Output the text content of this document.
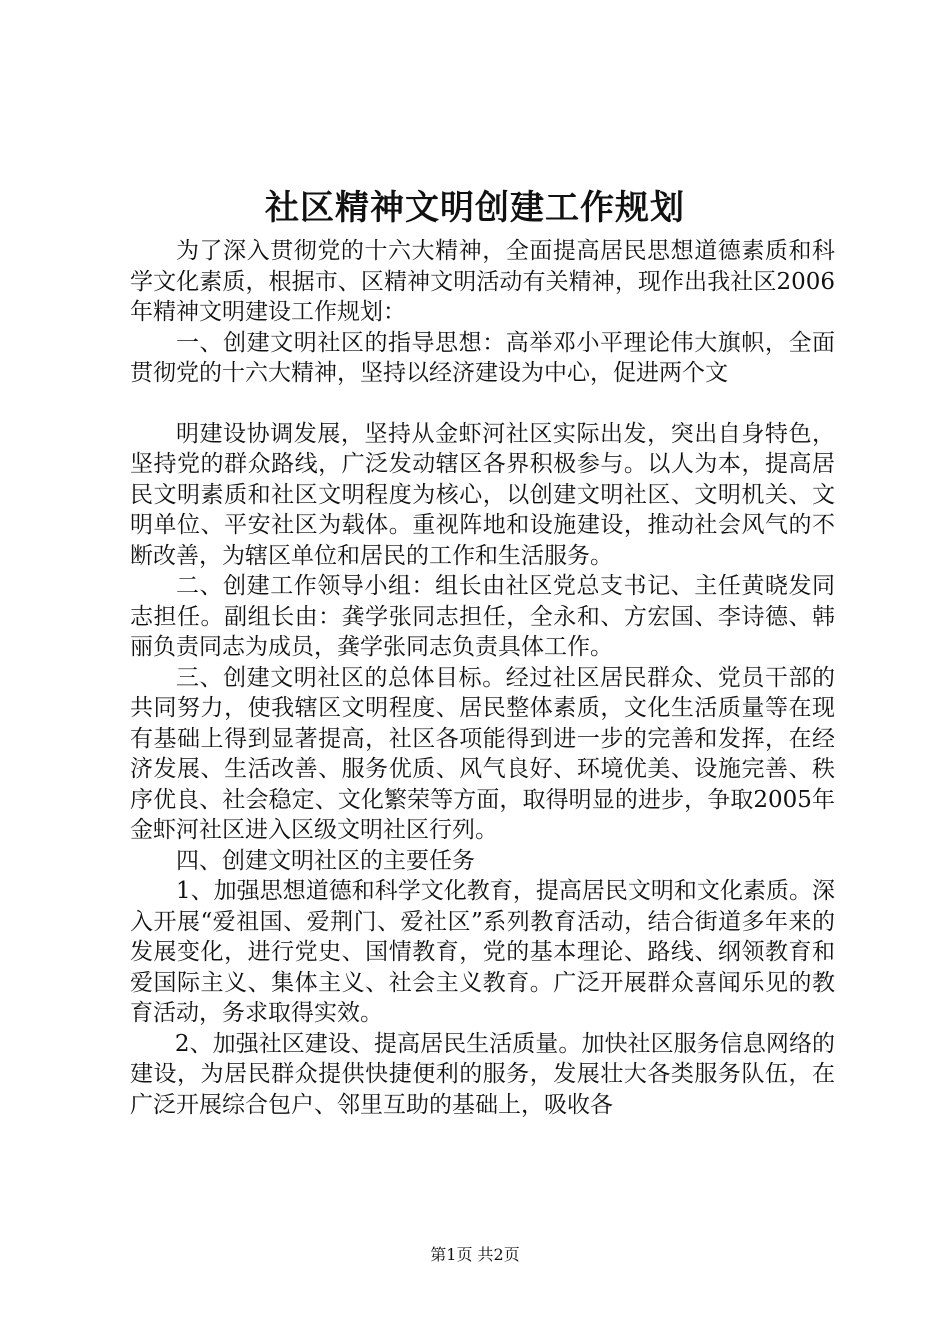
社区精神文明创建工作规划

为了深入贯彻党的十六大精神，全面提高居民思想道德素质和科学文化素质，根据市、区精神文明活动有关精神，现作出我社区2006年精神文明建设工作规划：

一、创建文明社区的指导思想：高举邓小平理论伟大旗帜，全面贯彻党的十六大精神，坚持以经济建设为中心，促进两个文

明建设协调发展，坚持从金虾河社区实际出发，突出自身特色，坚持党的群众路线，广泛发动辖区各界积极参与。以人为本，提高居民文明素质和社区文明程度为核心，以创建文明社区、文明机关、文明单位、平安社区为载体。重视阵地和设施建设，推动社会风气的不断改善，为辖区单位和居民的工作和生活服务。

二、创建工作领导小组：组长由社区党总支书记、主任黄晓发同志担任。副组长由：龚学张同志担任，全永和、方宏国、李诗德、韩丽负责同志为成员，龚学张同志负责具体工作。

三、创建文明社区的总体目标。经过社区居民群众、党员干部的共同努力，使我辖区文明程度、居民整体素质，文化生活质量等在现有基础上得到显著提高，社区各项能得到进一步的完善和发挥，在经济发展、生活改善、服务优质、风气良好、环境优美、设施完善、秩序优良、社会稳定、文化繁荣等方面，取得明显的进步，争取2005年金虾河社区进入区级文明社区行列。

四、创建文明社区的主要任务

1、加强思想道德和科学文化教育，提高居民文明和文化素质。深入开展“爱祖国、爱荆门、爱社区”系列教育活动，结合街道多年来的发展变化，进行党史、国情教育，党的基本理论、路线、纲领教育和爱国际主义、集体主义、社会主义教育。广泛开展群众喜闻乐见的教育活动，务求取得实效。

2、加强社区建设、提高居民生活质量。加快社区服务信息网络的建设，为居民群众提供快捷便利的服务，发展壮大各类服务队伍，在广泛开展综合包户、邻里互助的基础上，吸收各

第1页 共2页
